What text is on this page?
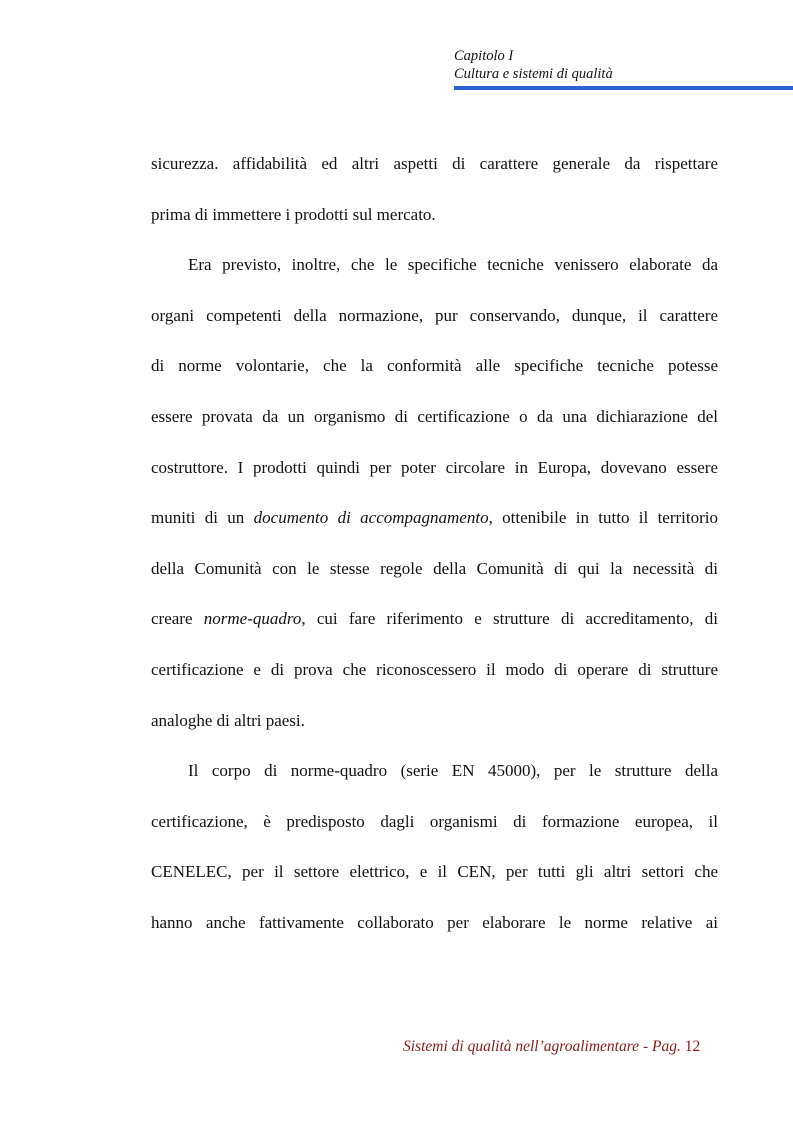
Capitolo I
Cultura e sistemi di qualità
sicurezza. affidabilità ed altri aspetti di carattere generale da rispettare
prima di immettere i prodotti sul mercato.
Era previsto, inoltre, che le specifiche tecniche venissero elaborate da
organi competenti della normazione, pur conservando, dunque, il carattere
di norme volontarie, che la conformità alle specifiche tecniche potesse
essere provata da un organismo di certificazione o da una dichiarazione del
costruttore. I prodotti quindi per poter circolare in Europa, dovevano essere
muniti di un documento di accompagnamento, ottenibile in tutto il territorio
della Comunità con le stesse regole della Comunità di qui la necessità di
creare norme-quadro, cui fare riferimento e strutture di accreditamento, di
certificazione e di prova che riconoscessero il modo di operare di strutture
analoghe di altri paesi.
Il corpo di norme-quadro (serie EN 45000), per le strutture della
certificazione, è predisposto dagli organismi di formazione europea, il
CENELEC, per il settore elettrico, e il CEN, per tutti gli altri settori che
hanno anche fattivamente collaborato per elaborare le norme relative ai
Sistemi di qualità nell’agroalimentare - Pag. 12
